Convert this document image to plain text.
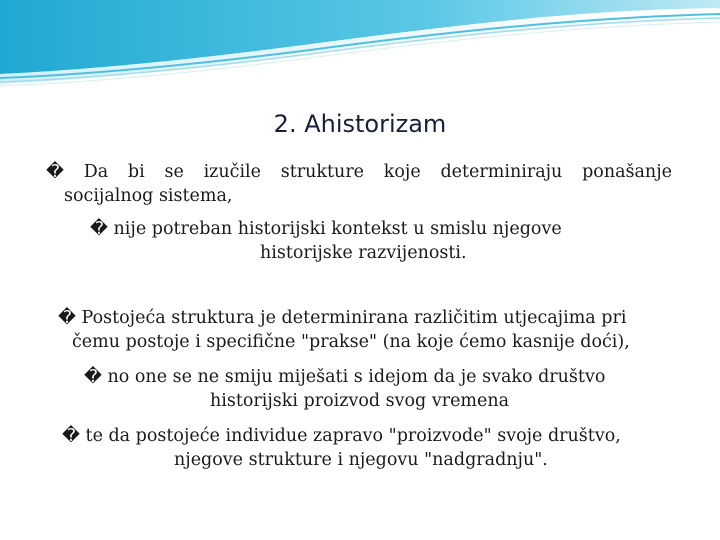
2. Ahistorizam
� Da bi se izučile strukture koje determiniraju ponašanje
socijalnog sistema,
� nije potreban historijski kontekst u smislu njegove
historijske razvijenosti.
� Postojeća struktura je determinirana različitim utjecajima pri
čemu postoje i specifične "prakse" (na koje ćemo kasnije doći),
� no one se ne smiju miješati s idejom da je svako društvo
historijski proizvod svog vremena
� te da postojeće individue zapravo "proizvode" svoje društvo,
njegove strukture i njegovu "nadgradnju".
